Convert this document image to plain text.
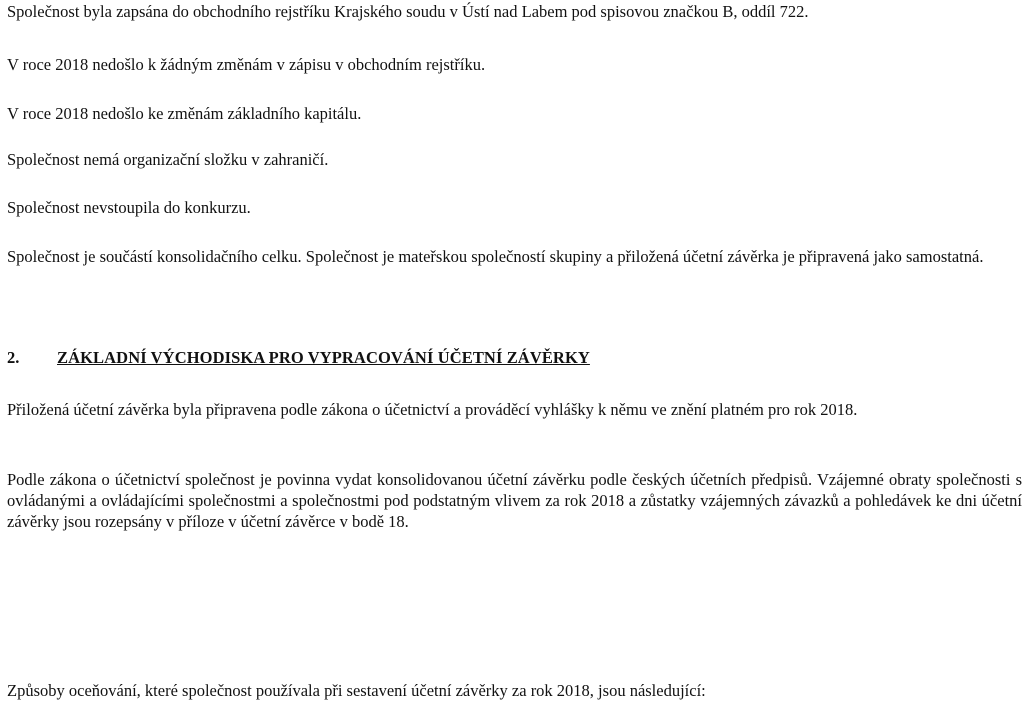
Společnost byla zapsána do obchodního rejstříku Krajského soudu v Ústí nad Labem pod spisovou značkou B, oddíl 722.
V roce 2018 nedošlo k žádným změnám v zápisu v obchodním rejstříku.
V roce 2018 nedošlo ke změnám základního kapitálu.
Společnost nemá organizační složku v zahraničí.
Společnost nevstoupila do konkurzu.
Společnost je součástí konsolidačního celku. Společnost je mateřskou společností skupiny a přiložená účetní závěrka je připravená jako samostatná.
2. ZÁKLADNÍ VÝCHODISKA PRO VYPRACOVÁNÍ ÚČETNÍ ZÁVĚRKY
Přiložená účetní závěrka byla připravena podle zákona o účetnictví a prováděcí vyhlášky k němu ve znění platném pro rok 2018.
Podle zákona o účetnictví společnost je povinna vydat konsolidovanou účetní závěrku podle českých účetních předpisů. Vzájemné obraty společnosti s ovládanými a ovládajícími společnostmi a společnostmi pod podstatným vlivem za rok 2018 a zůstatky vzájemných závazků a pohledávek ke dni účetní závěrky jsou rozepsány v příloze v účetní závěrce v bodě 18.
Způsoby oceňování, které společnost používala při sestavení účetní závěrky za rok 2018, jsou následující:
